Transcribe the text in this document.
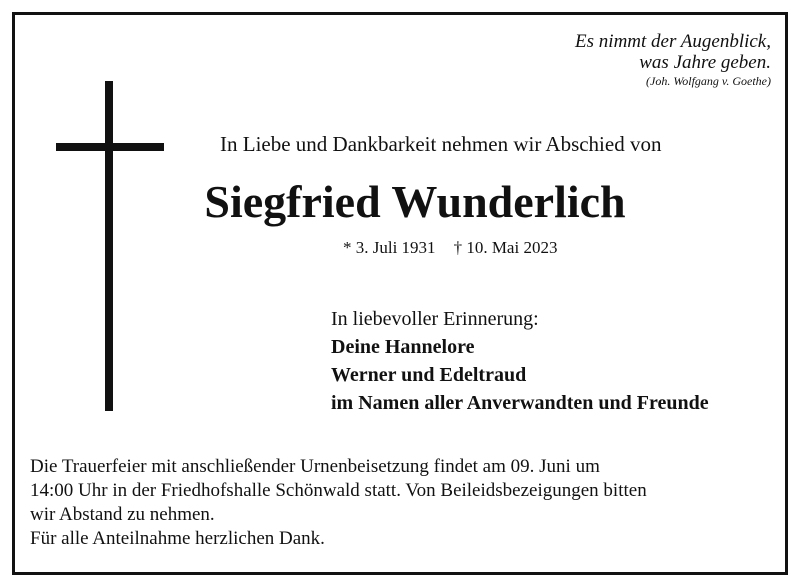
Es nimmt der Augenblick,
was Jahre geben.
(Joh. Wolfgang v. Goethe)
In Liebe und Dankbarkeit nehmen wir Abschied von
Siegfried Wunderlich
* 3. Juli 1931 † 10. Mai 2023
In liebevoller Erinnerung:
Deine Hannelore
Werner und Edeltraud
im Namen aller Anverwandten und Freunde
Die Trauerfeier mit anschließender Urnenbeisetzung findet am 09. Juni um
14:00 Uhr in der Friedhofshalle Schönwald statt. Von Beileidsbezeigungen bitten
wir Abstand zu nehmen.
Für alle Anteilnahme herzlichen Dank.
